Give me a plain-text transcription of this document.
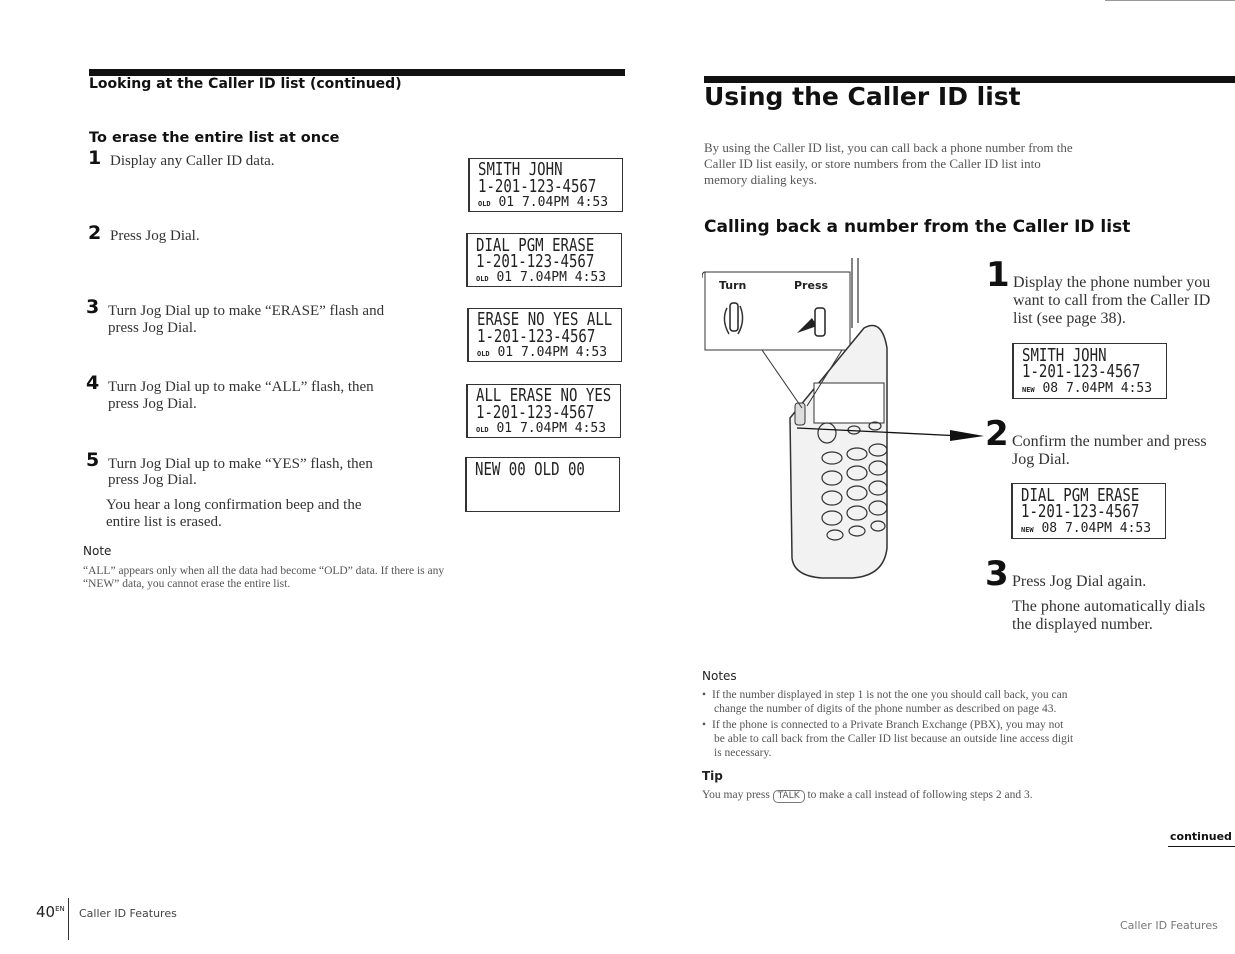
Looking at the Caller ID list (continued)
To erase the entire list at once
1 Display any Caller ID data.
2 Press Jog Dial.
3 Turn Jog Dial up to make “ERASE” flash and
press Jog Dial.
4 Turn Jog Dial up to make “ALL” flash, then
press Jog Dial.
5 Turn Jog Dial up to make “YES” flash, then
press Jog Dial.
You hear a long confirmation beep and the
entire list is erased.
Note
“ALL” appears only when all the data had become “OLD” data. If there is any
“NEW” data, you cannot erase the entire list.
SMITH JOHN
1-201-123-4567
OLD 01 7.04PM 4:53
DIAL PGM ERASE
1-201-123-4567
OLD 01 7.04PM 4:53
ERASE NO YES ALL
1-201-123-4567
OLD 01 7.04PM 4:53
ALL ERASE NO YES
1-201-123-4567
OLD 01 7.04PM 4:53
NEW 00 OLD 00
$40^{EN}$ Caller ID Features
Using the Caller ID list
By using the Caller ID list, you can call back a phone number from the
Caller ID list easily, or store numbers from the Caller ID list into
memory dialing keys.
Calling back a number from the Caller ID list
Turn	Press	1 Display the phone number you
want to call from the Caller ID
list (see page 38).
SMITH JOHN
1-201-123-4567
NEW 08 7.04PM 4:53
2 Confirm the number and press
Jog Dial.
DIAL PGM ERASE
1-201-123-4567
NEW 08 7.04PM 4:53
3 Press Jog Dial again.
The phone automatically dials
the displayed number.
Notes
• If the number displayed in step 1 is not the one you should call back, you can
change the number of digits of the phone number as described on page 43.
• If the phone is connected to a Private Branch Exchange (PBX), you may not
be able to call back from the Caller ID list because an outside line access digit
is necessary.
Tip
You may press TALK to make a call instead of following steps 2 and 3.
continued
Caller ID Features
